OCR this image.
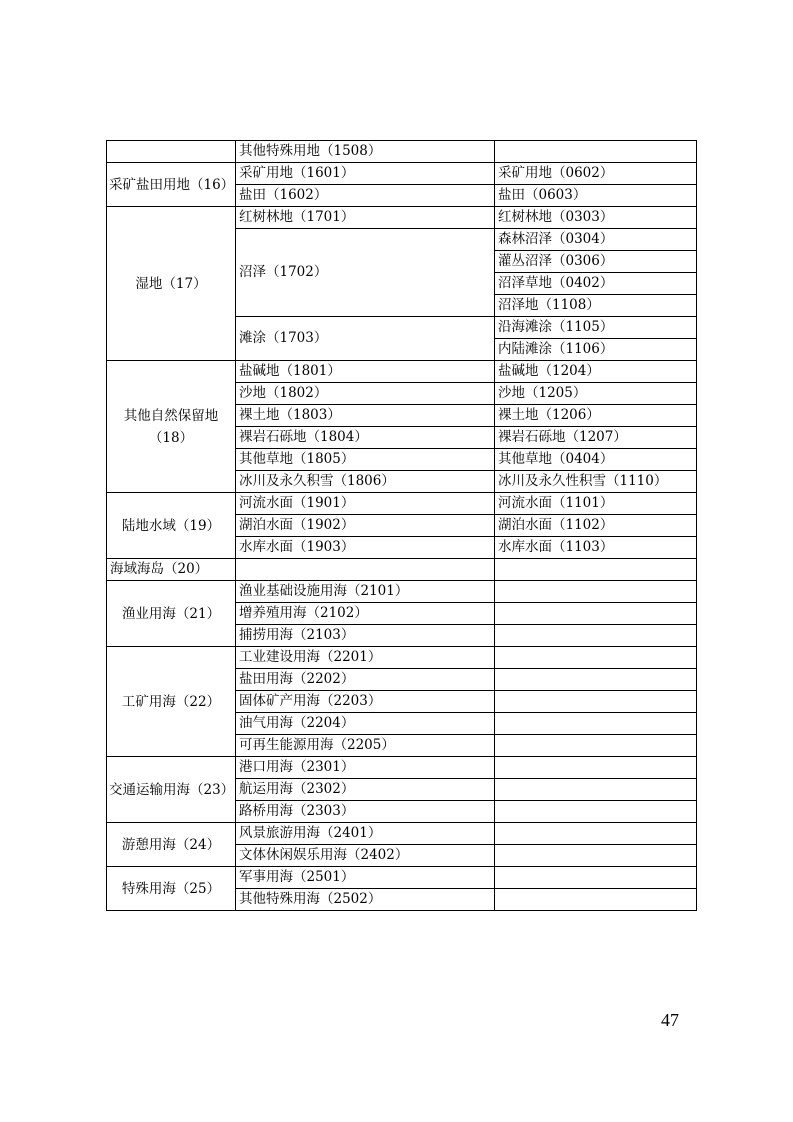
	其他特殊用地（1508）	
采矿盐田用地（16）	采矿用地（1601）	采矿用地（0602）
	盐田（1602）	盐田（0603）
湿地（17）	红树林地（1701）	红树林地（0303）
	沼泽（1702）	森林沼泽（0304）
		灌丛沼泽（0306）
		沼泽草地（0402）
		沼泽地（1108）
	滩涂（1703）	沿海滩涂（1105）
		内陆滩涂（1106）
其他自然保留地（18）	盐碱地（1801）	盐碱地（1204）
	沙地（1802）	沙地（1205）
	裸土地（1803）	裸土地（1206）
	裸岩石砾地（1804）	裸岩石砾地（1207）
	其他草地（1805）	其他草地（0404）
	冰川及永久积雪（1806）	冰川及永久性积雪（1110）
陆地水域（19）	河流水面（1901）	河流水面（1101）
	湖泊水面（1902）	湖泊水面（1102）
	水库水面（1903）	水库水面（1103）
海域海岛（20）		
渔业用海（21）	渔业基础设施用海（2101）	
	增养殖用海（2102）	
	捕捞用海（2103）	
工矿用海（22）	工业建设用海（2201）	
	盐田用海（2202）	
	固体矿产用海（2203）	
	油气用海（2204）	
	可再生能源用海（2205）	
交通运输用海（23）	港口用海（2301）	
	航运用海（2302）	
	路桥用海（2303）	
游憩用海（24）	风景旅游用海（2401）	
	文体休闲娱乐用海（2402）	
特殊用海（25）	军事用海（2501）	
	其他特殊用海（2502）	
47
